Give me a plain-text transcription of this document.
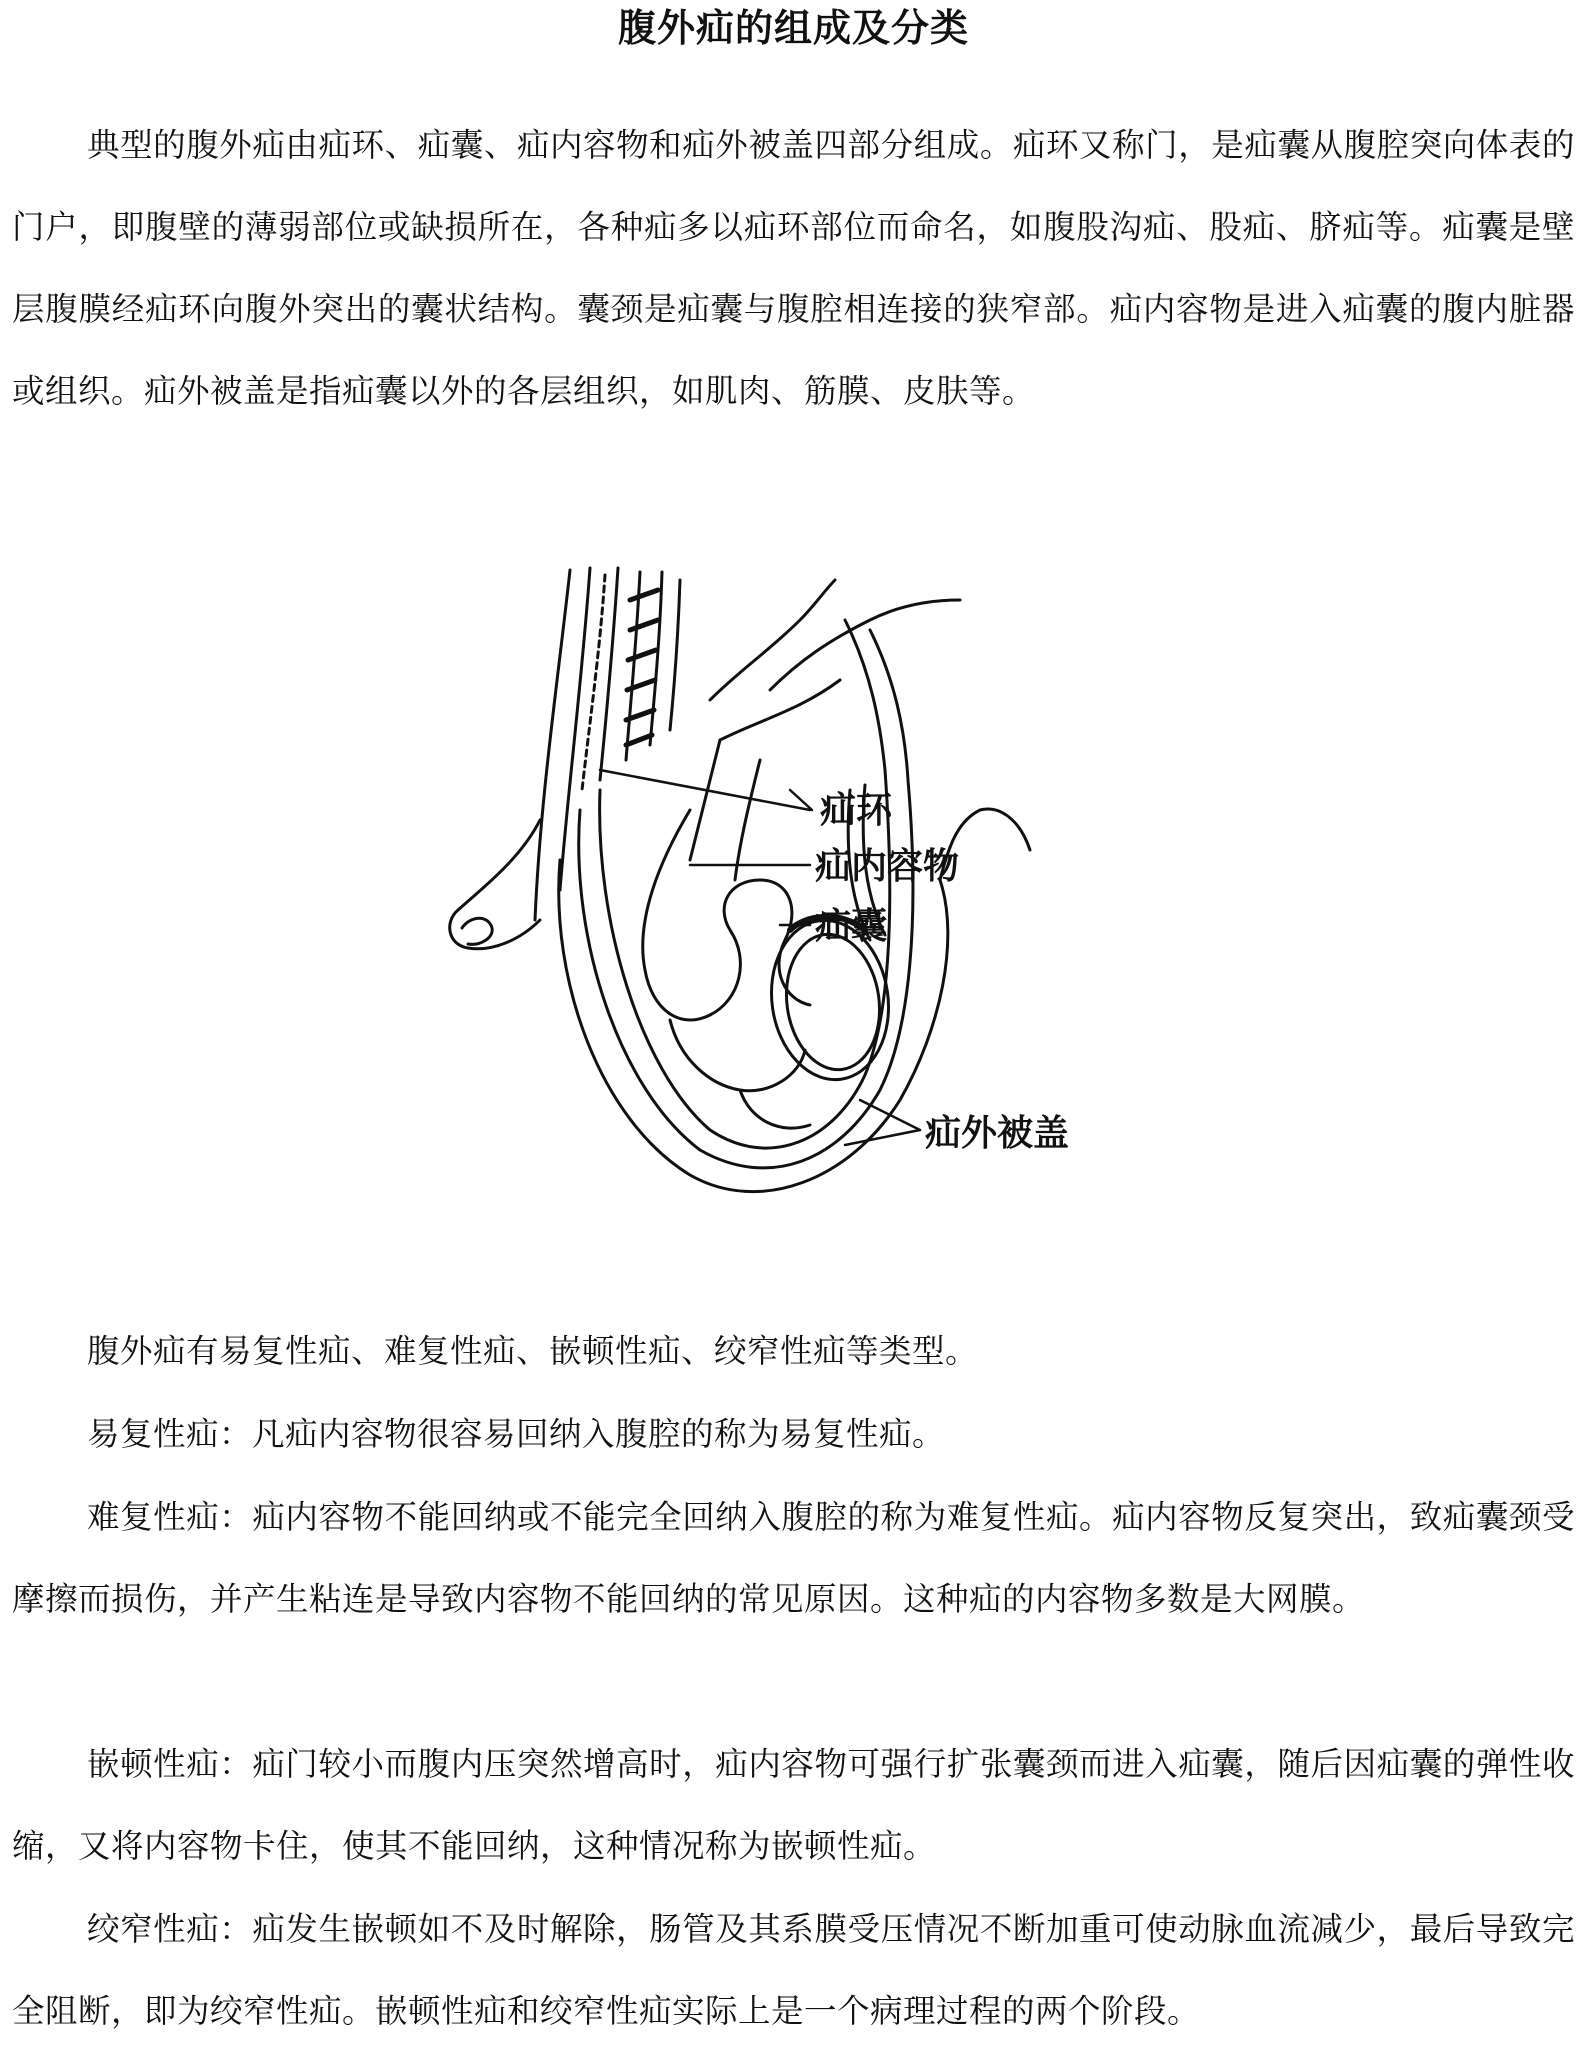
腹外疝的组成及分类

典型的腹外疝由疝环、疝囊、疝内容物和疝外被盖四部分组成。疝环又称门，是疝囊从腹腔突向体表的门户，即腹壁的薄弱部位或缺损所在，各种疝多以疝环部位而命名，如腹股沟疝、股疝、脐疝等。疝囊是壁层腹膜经疝环向腹外突出的囊状结构。囊颈是疝囊与腹腔相连接的狭窄部。疝内容物是进入疝囊的腹内脏器或组织。疝外被盖是指疝囊以外的各层组织，如肌肉、筋膜、皮肤等。

疝环
疝内容物
疝囊
疝外被盖

腹外疝有易复性疝、难复性疝、嵌顿性疝、绞窄性疝等类型。

易复性疝：凡疝内容物很容易回纳入腹腔的称为易复性疝。

难复性疝：疝内容物不能回纳或不能完全回纳入腹腔的称为难复性疝。疝内容物反复突出，致疝囊颈受摩擦而损伤，并产生粘连是导致内容物不能回纳的常见原因。这种疝的内容物多数是大网膜。

嵌顿性疝：疝门较小而腹内压突然增高时，疝内容物可强行扩张囊颈而进入疝囊，随后因疝囊的弹性收缩，又将内容物卡住，使其不能回纳，这种情况称为嵌顿性疝。

绞窄性疝：疝发生嵌顿如不及时解除，肠管及其系膜受压情况不断加重可使动脉血流减少，最后导致完全阻断，即为绞窄性疝。嵌顿性疝和绞窄性疝实际上是一个病理过程的两个阶段。
